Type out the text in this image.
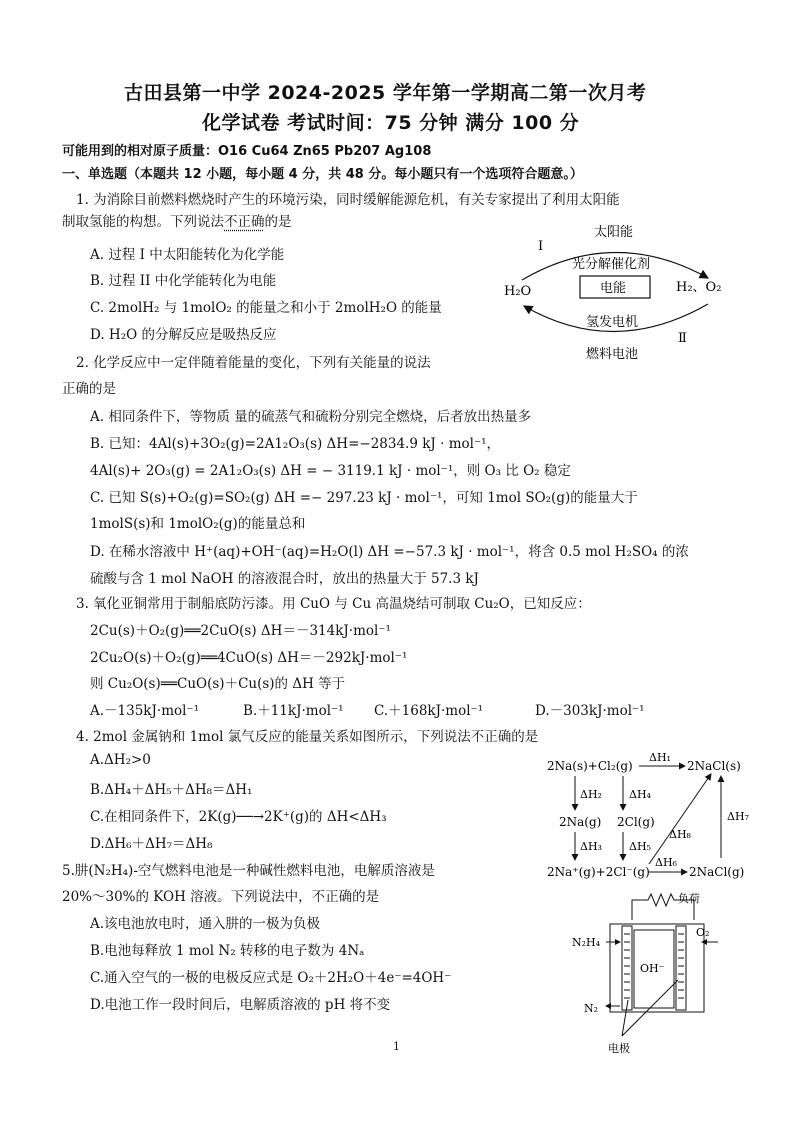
古田县第一中学 2024-2025 学年第一学期高二第一次月考
化学试卷 考试时间：75 分钟 满分 100 分
可能用到的相对原子质量：O16 Cu64 Zn65 Pb207 Ag108
一、单选题（本题共 12 小题，每小题 4 分，共 48 分。每小题只有一个选项符合题意。）
1. 为消除目前燃料燃烧时产生的环境污染，同时缓解能源危机，有关专家提出了利用太阳能
制取氢能的构想。下列说法不正确的是
A. 过程 I 中太阳能转化为化学能
B. 过程 II 中化学能转化为电能
C. 2molH₂ 与 1molO₂ 的能量之和小于 2molH₂O 的能量
D. H₂O 的分解反应是吸热反应
太阳能
I
光分解催化剂
H₂O	电能	H₂、O₂
氢发电机
Ⅱ
燃料电池
2. 化学反应中一定伴随着能量的变化，下列有关能量的说法
正确的是
A. 相同条件下，等物质 量的硫蒸气和硫粉分别完全燃烧，后者放出热量多
B. 已知：4Al(s)+3O₂(g)=2A1₂O₃(s) ΔH=−2834.9 kJ · mol⁻¹，
4Al(s)+ 2O₃(g) = 2A1₂O₃(s) ΔH = − 3119.1 kJ · mol⁻¹，则 O₃ 比 O₂ 稳定
C. 已知 S(s)+O₂(g)=SO₂(g) ΔH =− 297.23 kJ · mol⁻¹，可知 1mol SO₂(g)的能量大于
1molS(s)和 1molO₂(g)的能量总和
D. 在稀水溶液中 H⁺(aq)+OH⁻(aq)=H₂O(l) ΔH =−57.3 kJ · mol⁻¹，将含 0.5 mol H₂SO₄ 的浓
硫酸与含 1 mol NaOH 的溶液混合时，放出的热量大于 57.3 kJ
3. 氧化亚铜常用于制船底防污漆。用 CuO 与 Cu 高温烧结可制取 Cu₂O，已知反应：
2Cu(s)＋O₂(g)══2CuO(s) ΔH＝－314kJ·mol⁻¹
2Cu₂O(s)＋O₂(g)══4CuO(s) ΔH＝－292kJ·mol⁻¹
则 Cu₂O(s)══CuO(s)＋Cu(s)的 ΔH 等于
A.－135kJ·mol⁻¹	B.＋11kJ·mol⁻¹ C.＋168kJ·mol⁻¹	D.－303kJ·mol⁻¹
4. 2mol 金属钠和 1mol 氯气反应的能量关系如图所示，下列说法不正确的是
A.ΔH₂>0
B.ΔH₄＋ΔH₅＋ΔH₈＝ΔH₁
C.在相同条件下，2K(g)──→2K⁺(g)的 ΔH<ΔH₃
D.ΔH₆＋ΔH₇＝ΔH₈
2Na(s)+Cl₂(g)
ΔH₁
2NaCl(s)
ΔH₂ ΔH₄
2Na(g) 2Cl(g)
ΔH₃ ΔH₅
ΔH₈
ΔH₇
2Na⁺(g)+2Cl⁻(g)
ΔH₆
2NaCl(g)
5.肼(N₂H₄)-空气燃料电池是一种碱性燃料电池，电解质溶液是
20%～30%的 KOH 溶液。下列说法中，不正确的是
A.该电池放电时，通入肼的一极为负极
B.电池每释放 1 mol N₂ 转移的电子数为 4Nₐ
C.通入空气的一极的电极反应式是 O₂＋2H₂O＋4e⁻=4OH⁻
D.电池工作一段时间后，电解质溶液的 pH 将不变
负荷
OH⁻
N₂H₄
O₂
N₂
电极
1
